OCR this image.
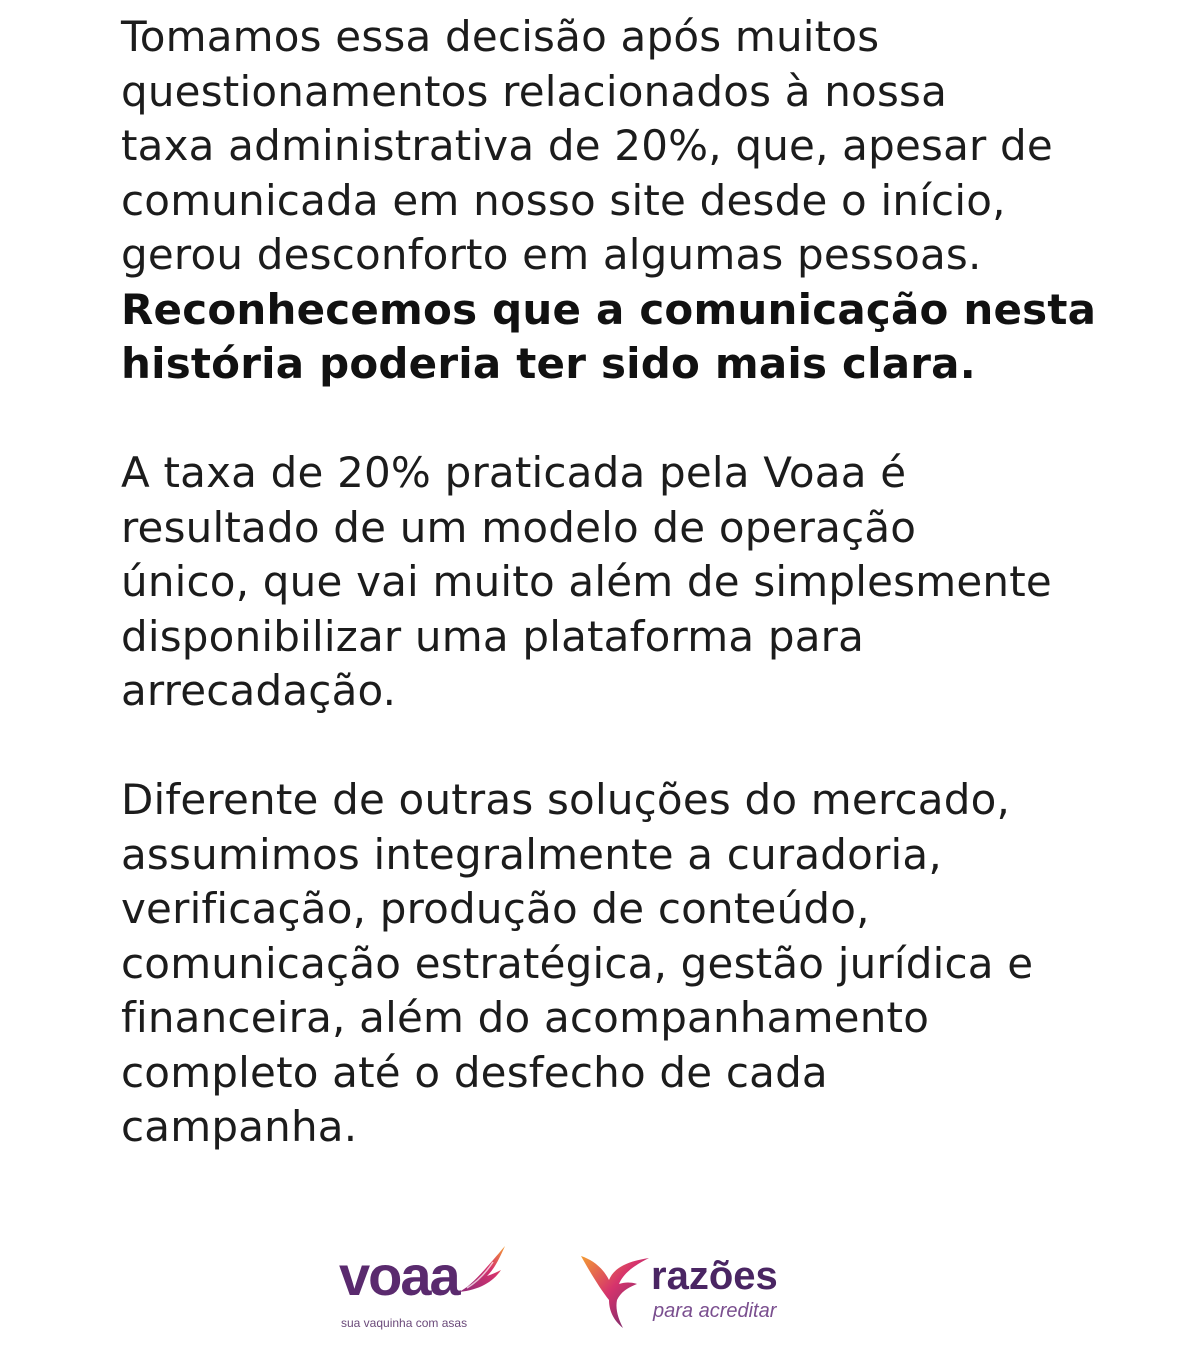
Tomamos essa decisão após muitos
questionamentos relacionados à nossa
taxa administrativa de 20%, que, apesar de
comunicada em nosso site desde o início,
gerou desconforto em algumas pessoas.
Reconhecemos que a comunicação nesta
história poderia ter sido mais clara.
A taxa de 20% praticada pela Voaa é
resultado de um modelo de operação
único, que vai muito além de simplesmente
disponibilizar uma plataforma para
arrecadação.
Diferente de outras soluções do mercado,
assumimos integralmente a curadoria,
verificação, produção de conteúdo,
comunicação estratégica, gestão jurídica e
financeira, além do acompanhamento
completo até o desfecho de cada
campanha.
voaa
sua vaquinha com asas
razões
para acreditar
